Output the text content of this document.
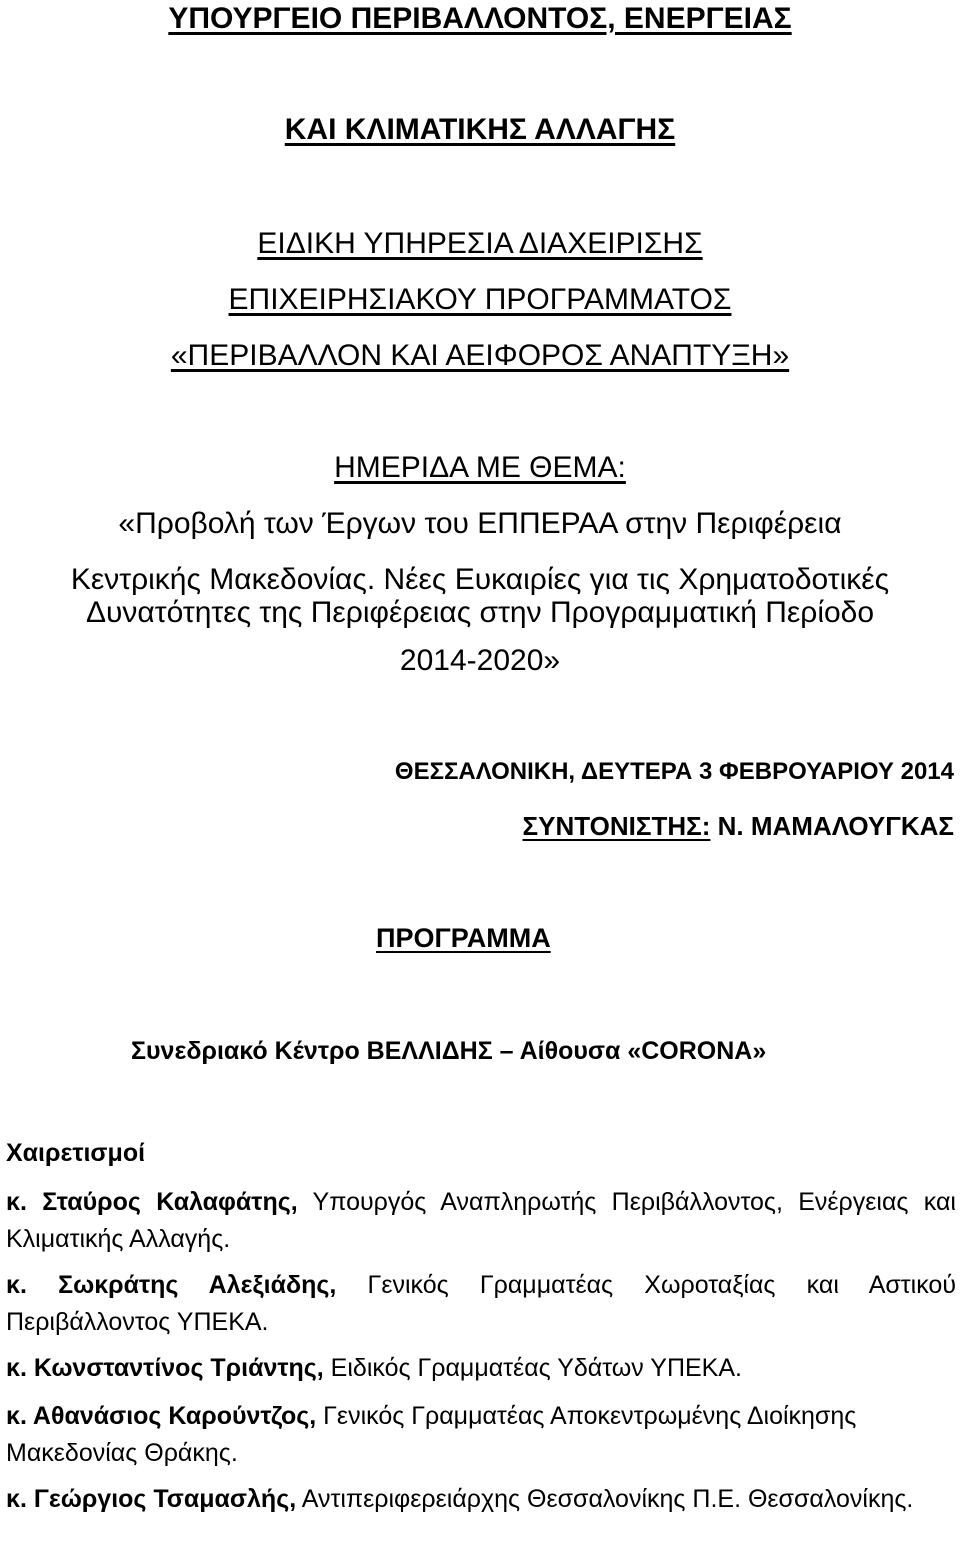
ΥΠΟΥΡΓΕΙΟ ΠΕΡΙΒΑΛΛΟΝΤΟΣ, ΕΝΕΡΓΕΙΑΣ

ΚΑΙ ΚΛΙΜΑΤΙΚΗΣ ΑΛΛΑΓΗΣ

ΕΙΔΙΚΗ ΥΠΗΡΕΣΙΑ ΔΙΑΧΕΙΡΙΣΗΣ

ΕΠΙΧΕΙΡΗΣΙΑΚΟΥ ΠΡΟΓΡΑΜΜΑΤΟΣ

«ΠΕΡΙΒΑΛΛΟΝ ΚΑΙ ΑΕΙΦΟΡΟΣ ΑΝΑΠΤΥΞΗ»

ΗΜΕΡΙΔΑ ΜΕ ΘΕΜΑ:

«Προβολή των Έργων του ΕΠΠΕΡΑΑ στην Περιφέρεια

Κεντρικής Μακεδονίας. Νέες Ευκαιρίες για τις Χρηματοδοτικές

Δυνατότητες της Περιφέρειας στην Προγραμματική Περίοδο

2014-2020»

ΘΕΣΣΑΛΟΝΙΚΗ, ΔΕΥΤΕΡΑ 3 ΦΕΒΡΟΥΑΡΙΟΥ 2014
ΣΥΝΤΟΝΙΣΤΗΣ: Ν. ΜΑΜΑΛΟΥΓΚΑΣ
ΠΡΟΓΡΑΜΜΑ
Συνεδριακό Κέντρο ΒΕΛΛΙΔΗΣ – Αίθουσα «CORONA»
Χαιρετισμοί

κ. Σταύρος Καλαφάτης, Υπουργός Αναπληρωτής Περιβάλλοντος, Ενέργειας και Κλιματικής Αλλαγής.

κ. Σωκράτης Αλεξιάδης, Γενικός Γραμματέας Χωροταξίας και Αστικού Περιβάλλοντος ΥΠΕΚΑ.

κ. Κωνσταντίνος Τριάντης, Ειδικός Γραμματέας Υδάτων ΥΠΕΚΑ.

κ. Αθανάσιος Καρούντζος, Γενικός Γραμματέας Αποκεντρωμένης Διοίκησης Μακεδονίας Θράκης.

κ. Γεώργιος Τσαμασλής, Αντιπεριφερειάρχης Θεσσαλονίκης Π.Ε. Θεσσαλονίκης.
